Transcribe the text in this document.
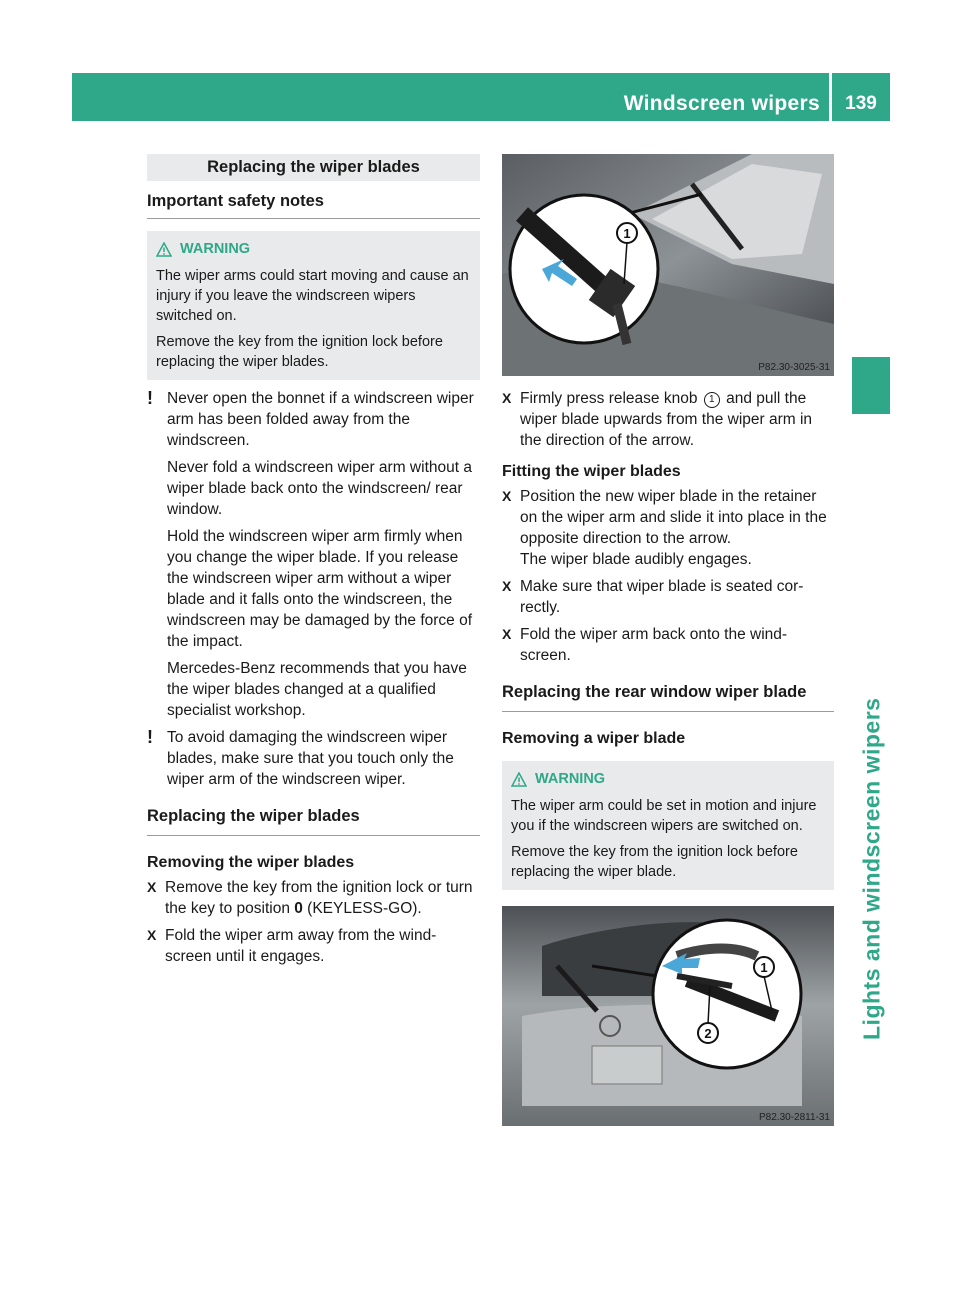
Windscreen wipers	139
Lights and windscreen wipers
Replacing the wiper blades
Important safety notes
WARNING

The wiper arms could start moving and cause an injury if you leave the windscreen wipers switched on.

Remove the key from the ignition lock before replacing the wiper blades.

! Never open the bonnet if a windscreen wiper arm has been folded away from the windscreen.

Never fold a windscreen wiper arm without a wiper blade back onto the windscreen/ rear window.

Hold the windscreen wiper arm firmly when you change the wiper blade. If you release the windscreen wiper arm without a wiper blade and it falls onto the windscreen, the windscreen may be damaged by the force of the impact.

Mercedes-Benz recommends that you have the wiper blades changed at a qualified specialist workshop.

! To avoid damaging the windscreen wiper blades, make sure that you touch only the wiper arm of the windscreen wiper.

Replacing the wiper blades
Removing the wiper blades
X Remove the key from the ignition lock or turn the key to position 0 (KEYLESS-GO).
X Fold the wiper arm away from the wind- screen until it engages.
1
P82.30-3025-31
X Firmly press release knob 1 and pull the wiper blade upwards from the wiper arm in the direction of the arrow.
Fitting the wiper blades
X Position the new wiper blade in the retainer on the wiper arm and slide it into place in the opposite direction to the arrow.
The wiper blade audibly engages.
X Make sure that wiper blade is seated cor- rectly.
X Fold the wiper arm back onto the wind- screen.
Replacing the rear window wiper blade
Removing a wiper blade
WARNING

The wiper arm could be set in motion and injure you if the windscreen wipers are switched on.

Remove the key from the ignition lock before replacing the wiper blade.

1
2
P82.30-2811-31
